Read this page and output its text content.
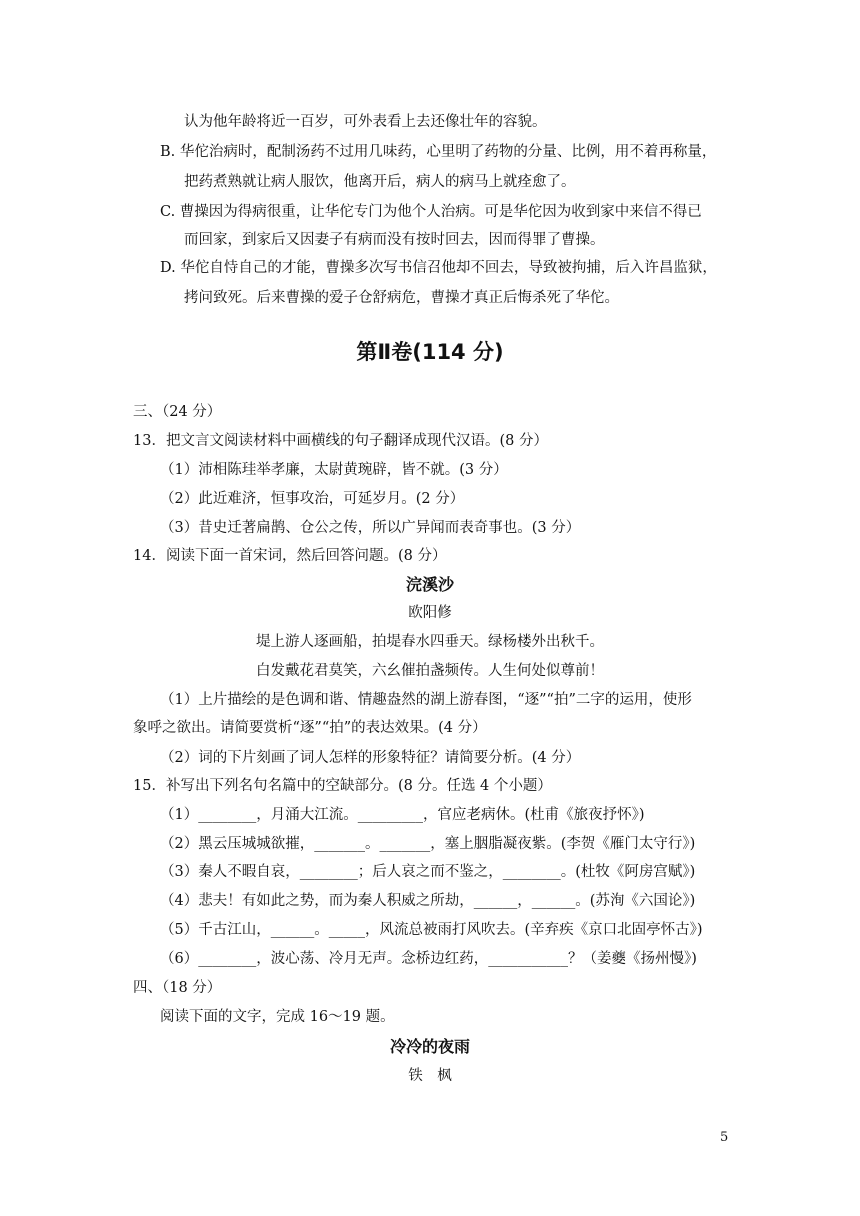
认为他年龄将近一百岁，可外表看上去还像壮年的容貌。
B. 华佗治病时，配制汤药不过用几味药，心里明了药物的分量、比例，用不着再称量，
把药煮熟就让病人服饮，他离开后，病人的病马上就痊愈了。
C. 曹操因为得病很重，让华佗专门为他个人治病。可是华佗因为收到家中来信不得已
而回家，到家后又因妻子有病而没有按时回去，因而得罪了曹操。
D. 华佗自恃自己的才能，曹操多次写书信召他却不回去，导致被拘捕，后入许昌监狱，
拷问致死。后来曹操的爱子仓舒病危，曹操才真正后悔杀死了华佗。
第Ⅱ卷(114 分)
三、（24 分）
13．把文言文阅读材料中画横线的句子翻译成现代汉语。(8 分）
（1）沛相陈珪举孝廉，太尉黄琬辟，皆不就。(3 分）
（2）此近难济，恒事攻治，可延岁月。(2 分）
（3）昔史迁著扁鹊、仓公之传，所以广异闻而表奇事也。(3 分）
14．阅读下面一首宋词，然后回答问题。(8 分）
浣溪沙
欧阳修
堤上游人逐画船，拍堤春水四垂天。绿杨楼外出秋千。
白发戴花君莫笑，六幺催拍盏频传。人生何处似尊前！
（1）上片描绘的是色调和谐、情趣盎然的湖上游春图，“逐”“拍”二字的运用，使形
象呼之欲出。请简要赏析“逐”“拍”的表达效果。(4 分）
（2）词的下片刻画了词人怎样的形象特征？请简要分析。(4 分）
15．补写出下列名句名篇中的空缺部分。(8 分。任选 4 个小题）
（1）________，月涌大江流。_________，官应老病休。(杜甫《旅夜抒怀》)
（2）黑云压城城欲摧，_______。_______，塞上胭脂凝夜紫。(李贺《雁门太守行》)
（3）秦人不暇自哀，________；后人哀之而不鉴之，________。(杜牧《阿房宫赋》)
（4）悲夫！有如此之势，而为秦人积威之所劫，______，______。(苏洵《六国论》)
（5）千古江山，______。_____，风流总被雨打风吹去。(辛弃疾《京口北固亭怀古》)
（6）________，波心荡、冷月无声。念桥边红药，___________？（姜夔《扬州慢》)
四、（18 分）
阅读下面的文字，完成 16～19 题。
冷冷的夜雨
铁　枫
5
